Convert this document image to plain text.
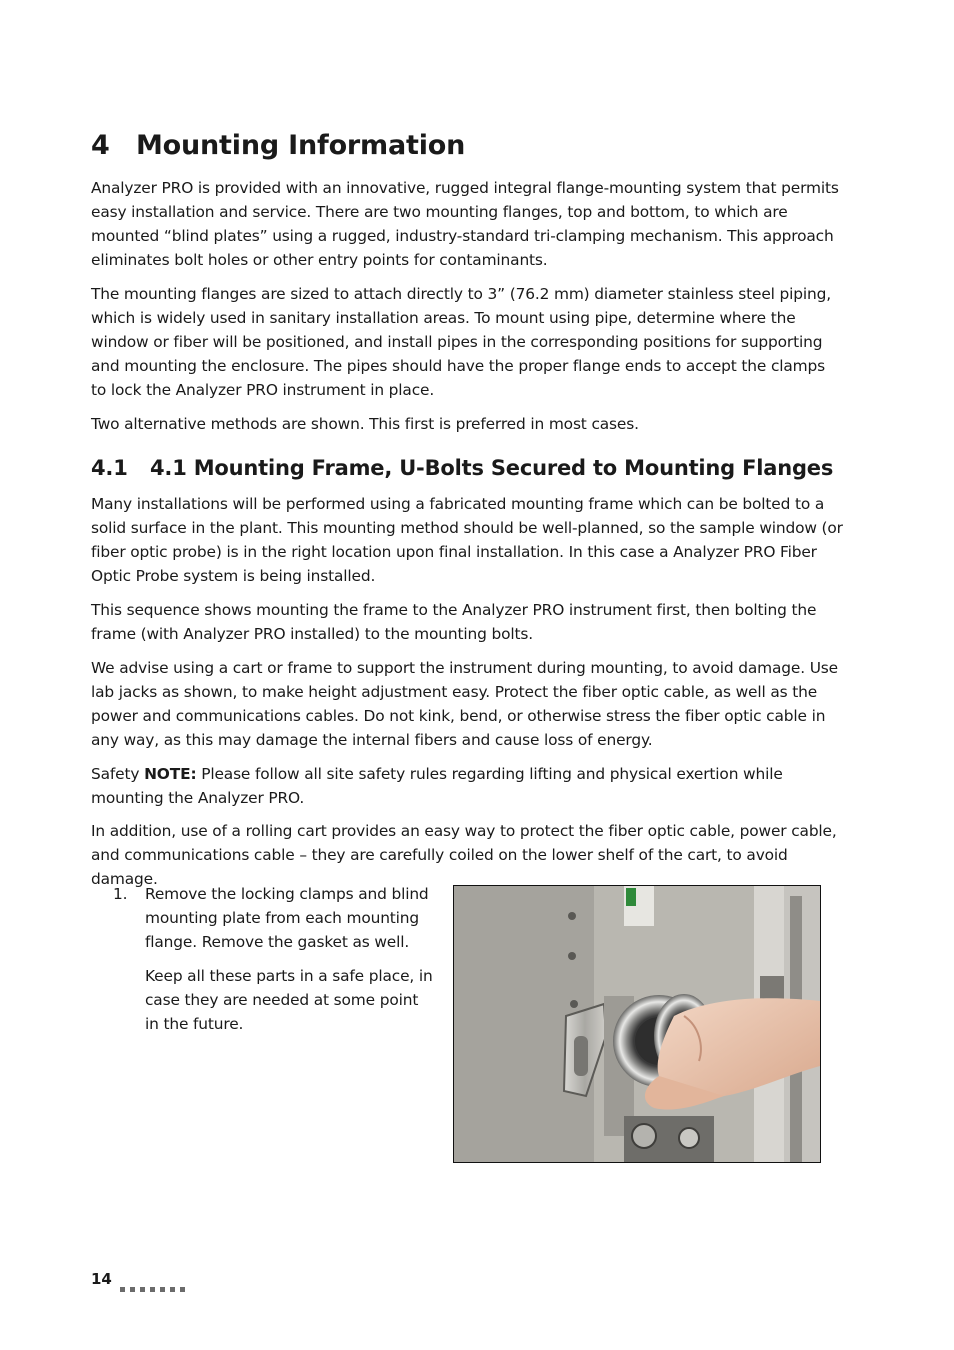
4 Mounting Information

Analyzer PRO is provided with an innovative, rugged integral flange-mounting system that permits easy installation and service. There are two mounting flanges, top and bottom, to which are mounted “blind plates” using a rugged, industry-standard tri-clamping mechanism. This approach eliminates bolt holes or other entry points for contaminants.

The mounting flanges are sized to attach directly to 3” (76.2 mm) diameter stainless steel piping, which is widely used in sanitary installation areas. To mount using pipe, determine where the window or fiber will be positioned, and install pipes in the corresponding positions for supporting and mounting the enclosure. The pipes should have the proper flange ends to accept the clamps to lock the Analyzer PRO instrument in place.

Two alternative methods are shown. This first is preferred in most cases.

4.1 4.1 Mounting Frame, U-Bolts Secured to Mounting Flanges

Many installations will be performed using a fabricated mounting frame which can be bolted to a solid surface in the plant. This mounting method should be well-planned, so the sample window (or fiber optic probe) is in the right location upon final installation. In this case a Analyzer PRO Fiber Optic Probe system is being installed.

This sequence shows mounting the frame to the Analyzer PRO instrument first, then bolting the frame (with Analyzer PRO installed) to the mounting bolts.

We advise using a cart or frame to support the instrument during mounting, to avoid damage. Use lab jacks as shown, to make height adjustment easy. Protect the fiber optic cable, as well as the power and communications cables. Do not kink, bend, or otherwise stress the fiber optic cable in any way, as this may damage the internal fibers and cause loss of energy.

Safety NOTE: Please follow all site safety rules regarding lifting and physical exertion while mounting the Analyzer PRO.

In addition, use of a rolling cart provides an easy way to protect the fiber optic cable, power cable, and communications cable – they are carefully coiled on the lower shelf of the cart, to avoid damage.

1. Remove the locking clamps and blind mounting plate from each mounting flange. Remove the gasket as well.

Keep all these parts in a safe place, in case they are needed at some point in the future.

14
